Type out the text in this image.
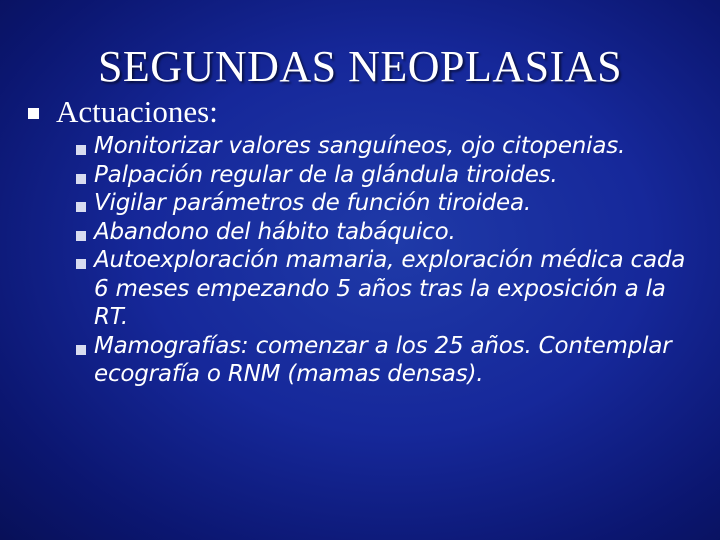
SEGUNDAS NEOPLASIAS
Actuaciones:
Monitorizar valores sanguíneos, ojo citopenias.
Palpación regular de la glándula tiroides.
Vigilar parámetros de función tiroidea.
Abandono del hábito tabáquico.
Autoexploración mamaria, exploración médica cada 6 meses empezando 5 años tras la exposición a la RT.
Mamografías: comenzar a los 25 años. Contemplar ecografía o RNM (mamas densas).
